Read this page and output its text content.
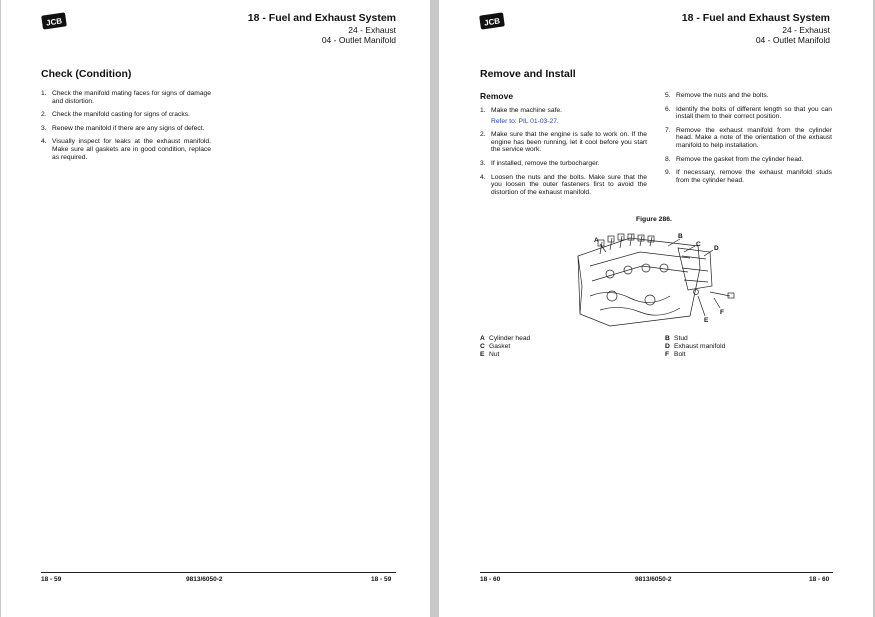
JCB	18 - Fuel and Exhaust System
24 - Exhaust
04 - Outlet Manifold
Check (Condition)
1. Check the manifold mating faces for signs of damage and distortion.
2. Check the manifold casting for signs of cracks.
3. Renew the manifold if there are any signs of defect.
4. Visually inspect for leaks at the exhaust manifold. Make sure all gaskets are in good condition, replace as required.
18 - 59	9813/6050-2	18 - 59
JCB	18 - Fuel and Exhaust System
24 - Exhaust
04 - Outlet Manifold
Remove and Install
Remove
1. Make the machine safe.
Refer to: PIL 01-03-27.
2. Make sure that the engine is safe to work on. If the engine has been running, let it cool before you start the service work.
3. If installed, remove the turbocharger.
4. Loosen the nuts and the bolts. Make sure that the you loosen the outer fasteners first to avoid the distortion of the exhaust manifold.
5. Remove the nuts and the bolts.
6. Identify the bolts of different length so that you can install them to their correct position.
7. Remove the exhaust manifold from the cylinder head. Make a note of the orientation of the exhaust manifold to help installation.
8. Remove the gasket from the cylinder head.
9. If necessary, remove the exhaust manifold studs from the cylinder head.
Figure 286.
A
B
C
D
E
F
A Cylinder head
C Gasket
E Nut
B Stud
D Exhaust manifold
F Bolt
18 - 60	9813/6050-2	18 - 60
